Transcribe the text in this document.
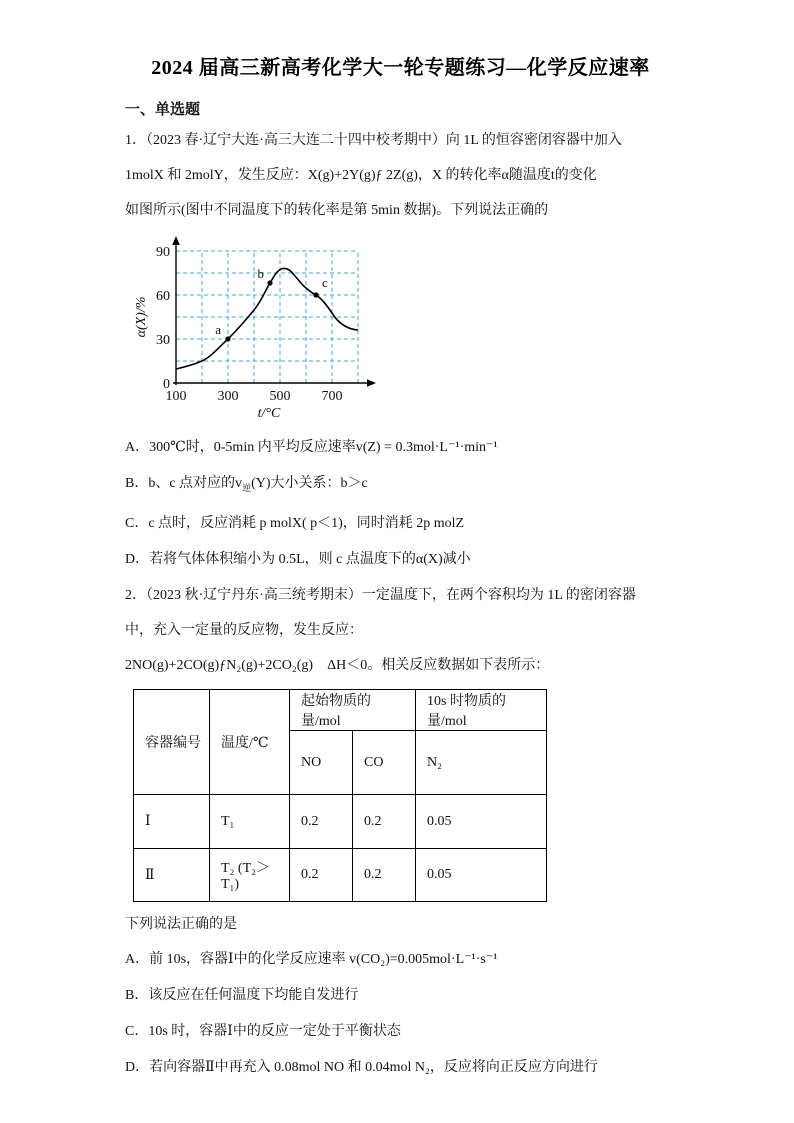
2024 届高三新高考化学大一轮专题练习—化学反应速率
一、单选题
1．（2023 春·辽宁大连·高三大连二十四中校考期中）向 1L 的恒容密闭容器中加入
1molX 和 2molY，发生反应：X(g)+2Y(g)ƒ 2Z(g)，X 的转化率α随温度t的变化
如图所示(图中不同温度下的转化率是第 5min 数据)。下列说法正确的
a
b
c
0
30
60
90
100 300 500 700
α(X)/%
t/°C
A．300℃时，0-5min 内平均反应速率v(Z) = 0.3mol·L⁻¹·min⁻¹
B．b、c 点对应的$v_逆(Y)$大小关系：b＞c
C．c 点时，反应消耗 p molX( p＜1)，同时消耗 2p molZ
D．若将气体体积缩小为 0.5L，则 c 点温度下的α(X)减小
2．（2023 秋·辽宁丹东·高三统考期末）一定温度下，在两个容积均为 1L 的密闭容器
中，充入一定量的反应物，发生反应：
2NO(g)+2CO(g)ƒN₂(g)+2CO₂(g)　ΔH＜0。相关反应数据如下表所示：
容器编号	温度/℃	起始物质的量/mol		10s 时物质的量/mol
		NO	CO	N₂
Ⅰ	T₁	0.2	0.2	0.05
Ⅱ	T₂ (T₂＞T₁)	0.2	0.2	0.05
下列说法正确的是
A．前 10s，容器Ⅰ中的化学反应速率 v(CO₂)=0.005mol·L⁻¹·s⁻¹
B．该反应在任何温度下均能自发进行
C．10s 时，容器Ⅰ中的反应一定处于平衡状态
D．若向容器Ⅱ中再充入 0.08mol NO 和 0.04mol N₂，反应将向正反应方向进行
